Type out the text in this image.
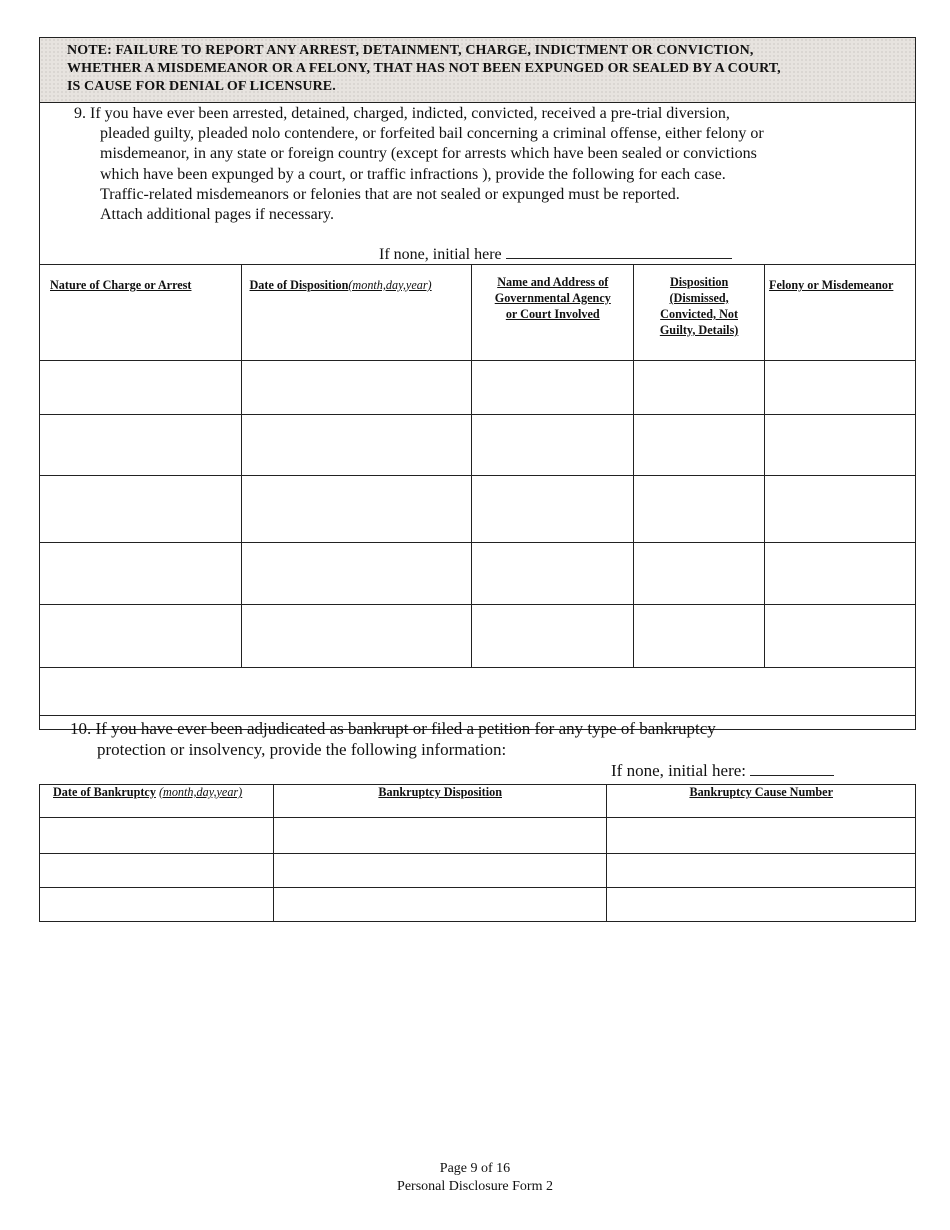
NOTE: FAILURE TO REPORT ANY ARREST, DETAINMENT, CHARGE, INDICTMENT OR CONVICTION,
WHETHER A MISDEMEANOR OR A FELONY, THAT HAS NOT BEEN EXPUNGED OR SEALED BY A COURT,
IS CAUSE FOR DENIAL OF LICENSURE.
9. If you have ever been arrested, detained, charged, indicted, convicted, received a pre-trial diversion,
pleaded guilty, pleaded nolo contendere, or forfeited bail concerning a criminal offense, either felony or
misdemeanor, in any state or foreign country (except for arrests which have been sealed or convictions
which have been expunged by a court, or traffic infractions ), provide the following for each case.
Traffic-related misdemeanors or felonies that are not sealed or expunged must be reported.
Attach additional pages if necessary.
If none, initial here
Nature of Charge or Arrest	Date of Disposition(month,day,year)	Name and Address of Governmental Agency or Court Involved	Disposition (Dismissed, Convicted, Not Guilty, Details)	Felony or Misdemeanor

10. If you have ever been adjudicated as bankrupt or filed a petition for any type of bankruptcy
protection or insolvency, provide the following information:
If none, initial here:
Date of Bankruptcy (month,day,year)	Bankruptcy Disposition	Bankruptcy Cause Number

Page 9 of 16
Personal Disclosure Form 2
